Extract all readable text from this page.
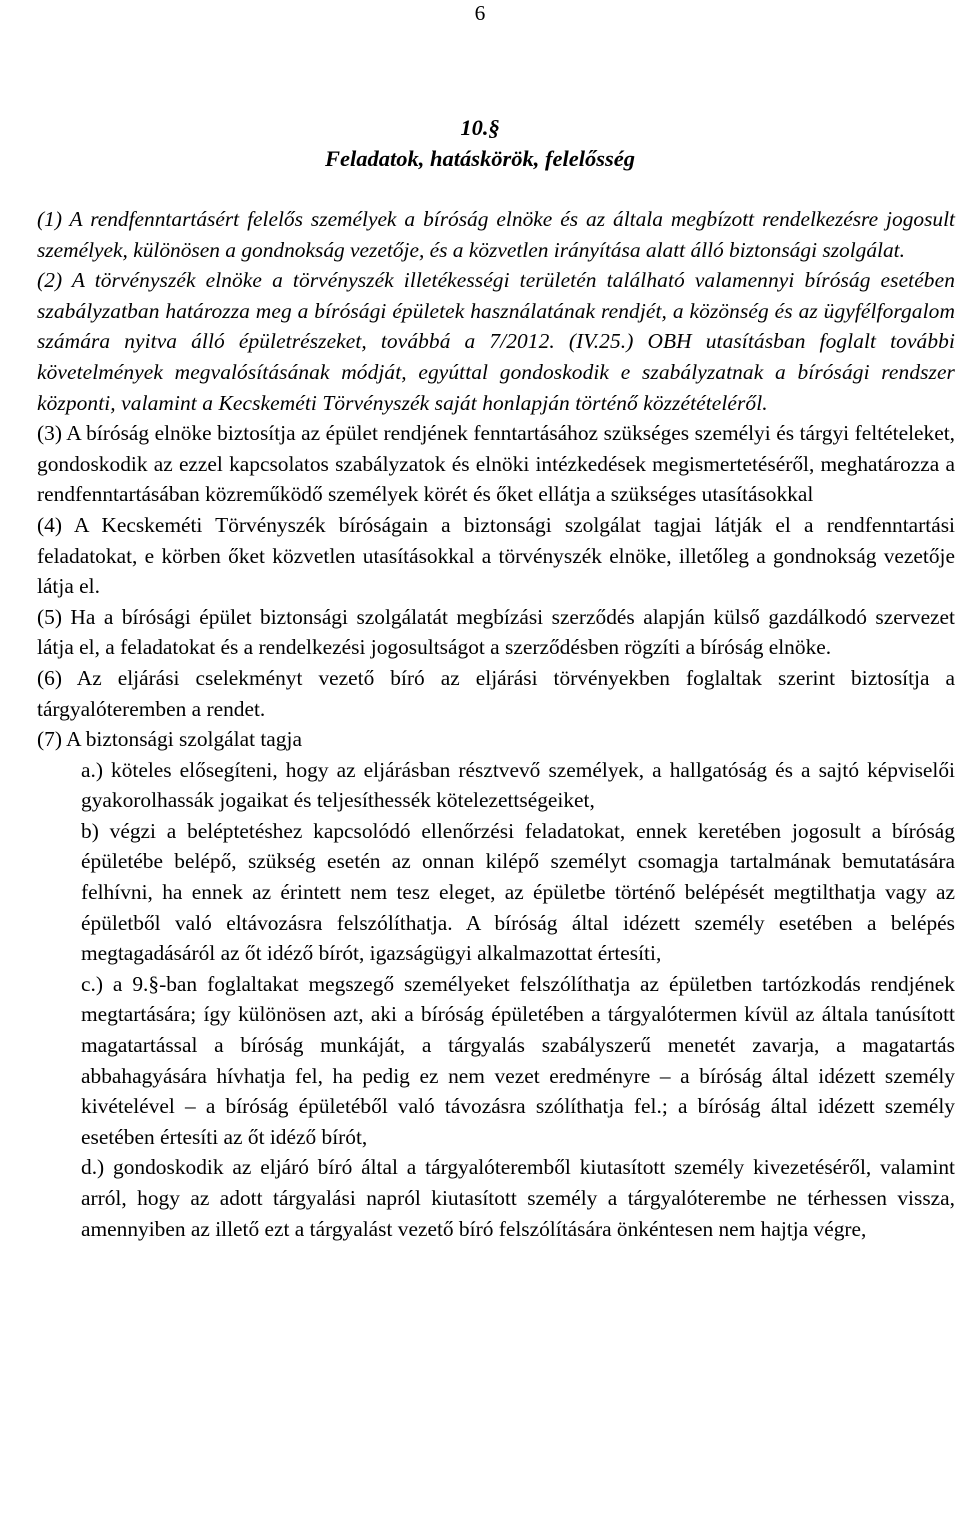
6
10.§
Feladatok, hatáskörök, felelősség

(1) A rendfenntartásért felelős személyek a bíróság elnöke és az általa megbízott rendelkezésre jogosult személyek, különösen a gondnokság vezetője, és a közvetlen irányítása alatt álló biztonsági szolgálat.

(2) A törvényszék elnöke a törvényszék illetékességi területén található valamennyi bíróság esetében szabályzatban határozza meg a bírósági épületek használatának rendjét, a közönség és az ügyfélforgalom számára nyitva álló épületrészeket, továbbá a 7/2012. (IV.25.) OBH utasításban foglalt további követelmények megvalósításának módját, egyúttal gondoskodik e szabályzatnak a bírósági rendszer központi, valamint a Kecskeméti Törvényszék saját honlapján történő közzétételéről.

(3) A bíróság elnöke biztosítja az épület rendjének fenntartásához szükséges személyi és tárgyi feltételeket, gondoskodik az ezzel kapcsolatos szabályzatok és elnöki intézkedések megismertetéséről, meghatározza a rendfenntartásában közreműködő személyek körét és őket ellátja a szükséges utasításokkal

(4) A Kecskeméti Törvényszék bíróságain a biztonsági szolgálat tagjai látják el a rendfenntartási feladatokat, e körben őket közvetlen utasításokkal a törvényszék elnöke, illetőleg a gondnokság vezetője látja el.

(5) Ha a bírósági épület biztonsági szolgálatát megbízási szerződés alapján külső gazdálkodó szervezet látja el, a feladatokat és a rendelkezési jogosultságot a szerződésben rögzíti a bíróság elnöke.

(6) Az eljárási cselekményt vezető bíró az eljárási törvényekben foglaltak szerint biztosítja a tárgyalóteremben a rendet.

(7) A biztonsági szolgálat tagja

a.) köteles elősegíteni, hogy az eljárásban résztvevő személyek, a hallgatóság és a sajtó képviselői gyakorolhassák jogaikat és teljesíthessék kötelezettségeiket,

b) végzi a beléptetéshez kapcsolódó ellenőrzési feladatokat, ennek keretében jogosult a bíróság épületébe belépő, szükség esetén az onnan kilépő személyt csomagja tartalmának bemutatására felhívni, ha ennek az érintett nem tesz eleget, az épületbe történő belépését megtilthatja vagy az épületből való eltávozásra felszólíthatja. A bíróság által idézett személy esetében a belépés megtagadásáról az őt idéző bírót, igazságügyi alkalmazottat értesíti,

c.) a 9.§-ban foglaltakat megszegő személyeket felszólíthatja az épületben tartózkodás rendjének megtartására; így különösen azt, aki a bíróság épületében a tárgyalótermen kívül az általa tanúsított magatartással a bíróság munkáját, a tárgyalás szabályszerű menetét zavarja, a magatartás abbahagyására hívhatja fel, ha pedig ez nem vezet eredményre – a bíróság által idézett személy kivételével – a bíróság épületéből való távozásra szólíthatja fel.; a bíróság által idézett személy esetében értesíti az őt idéző bírót,

d.) gondoskodik az eljáró bíró által a tárgyalóteremből kiutasított személy kivezetéséről, valamint arról, hogy az adott tárgyalási napról kiutasított személy a tárgyalóterembe ne térhessen vissza, amennyiben az illető ezt a tárgyalást vezető bíró felszólítására önkéntesen nem hajtja végre,
